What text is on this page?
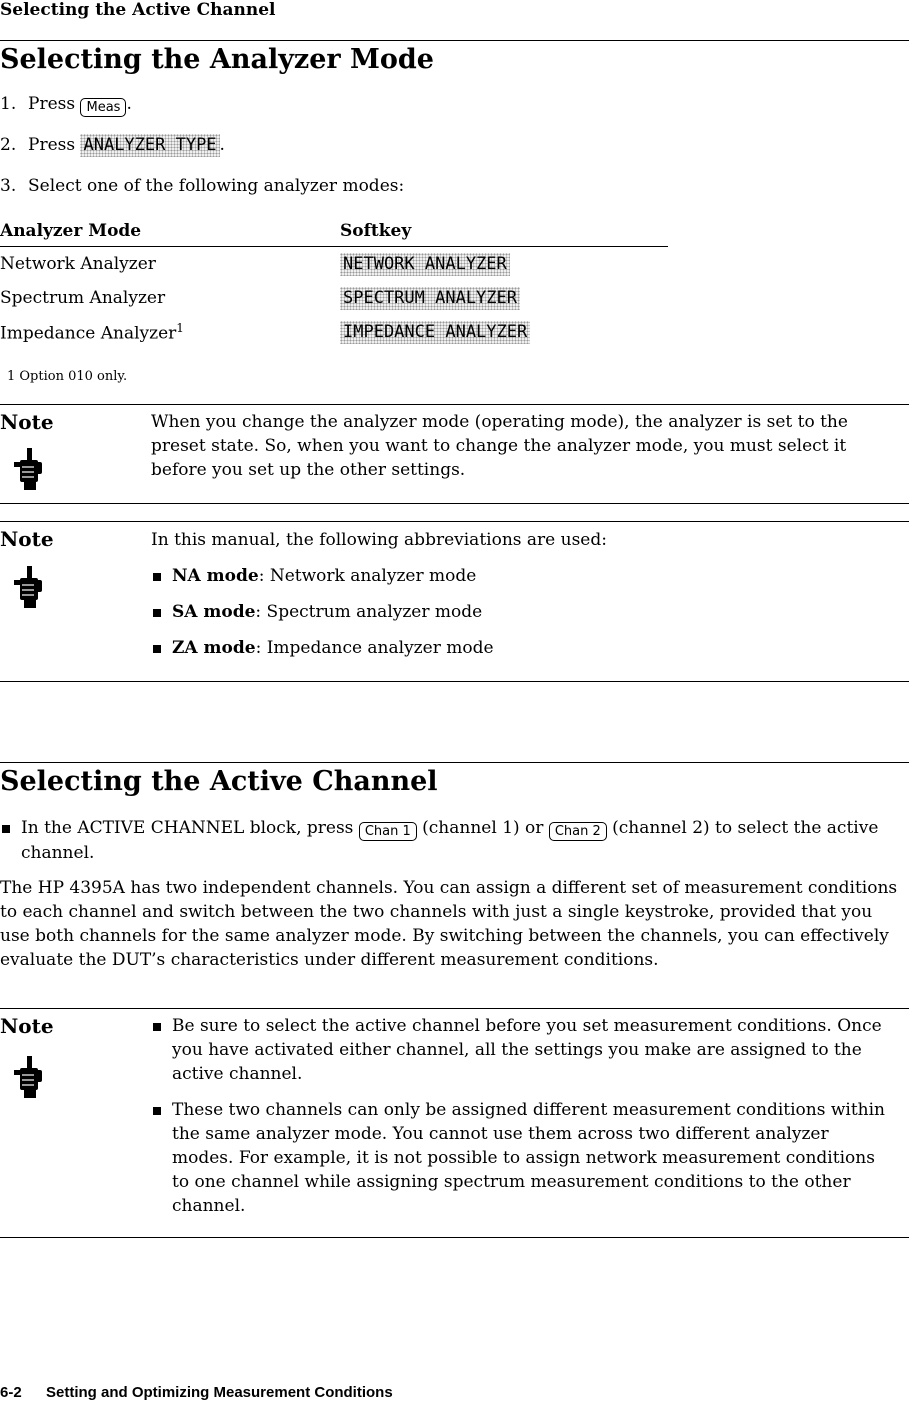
Selecting the Active Channel
Selecting the Analyzer Mode
1. Press Meas .
2. Press ANALYZER TYPE .
3. Select one of the following analyzer modes:
Analyzer Mode	Softkey
Network Analyzer	NETWORK ANALYZER
Spectrum Analyzer	SPECTRUM ANALYZER
Impedance Analyzer$^1$	IMPEDANCE ANALYZER
1 Option 010 only.
Note	When you change the analyzer mode (operating mode), the analyzer is set to the preset state. So, when you want to change the analyzer mode, you must select it before you set up the other settings.

Note	In this manual, the following abbreviations are used:

NA mode: Network analyzer mode

SA mode: Spectrum analyzer mode

ZA mode: Impedance analyzer mode

Selecting the Active Channel
In the ACTIVE CHANNEL block, press Chan 1 (channel 1) or Chan 2 (channel 2) to select the active channel.
The HP 4395A has two independent channels. You can assign a different set of measurement conditions to each channel and switch between the two channels with just a single keystroke, provided that you use both channels for the same analyzer mode. By switching between the channels, you can effectively evaluate the DUT’s characteristics under different measurement conditions.
Note	Be sure to select the active channel before you set measurement conditions. Once you have activated either channel, all the settings you make are assigned to the active channel.

These two channels can only be assigned different measurement conditions within the same analyzer mode. You cannot use them across two different analyzer modes. For example, it is not possible to assign network measurement conditions to one channel while assigning spectrum measurement conditions to the other channel.

6-2 Setting and Optimizing Measurement Conditions
